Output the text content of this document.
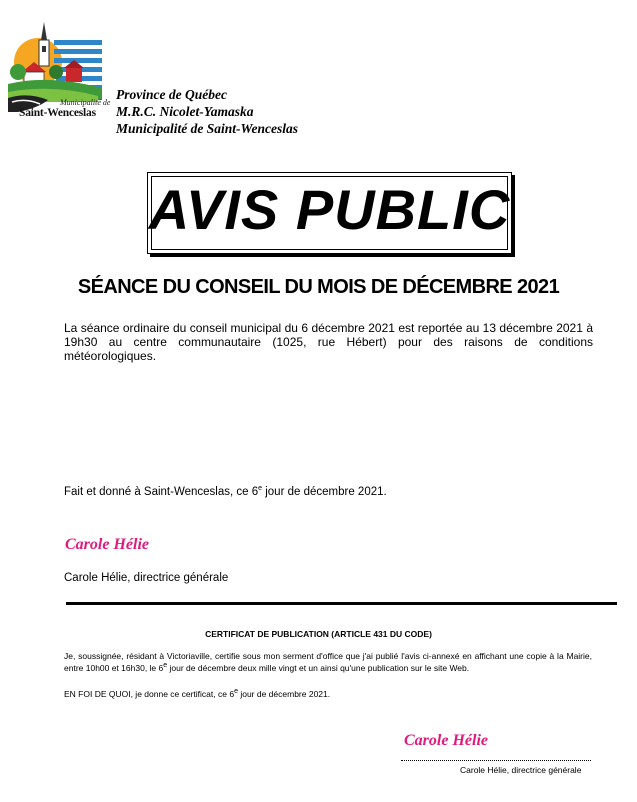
Municipalité de
Saint-Wenceslas
Province de Québec
M.R.C. Nicolet-Yamaska
Municipalité de Saint-Wenceslas
AVIS PUBLIC
SÉANCE DU CONSEIL DU MOIS DE DÉCEMBRE 2021
La séance ordinaire du conseil municipal du 6 décembre 2021 est reportée au 13 décembre 2021 à 19h30 au centre communautaire (1025, rue Hébert) pour des raisons de conditions météorologiques.
Fait et donné à Saint-Wenceslas, ce 6e jour de décembre 2021.
Carole Hélie
Carole Hélie, directrice générale
CERTIFICAT DE PUBLICATION (ARTICLE 431 DU CODE)
Je, soussignée, résidant à Victoriaville, certifie sous mon serment d'office que j'ai publié l'avis ci-annexé en affichant une copie à la Mairie, entre 10h00 et 16h30, le 6e jour de décembre deux mille vingt et un ainsi qu'une publication sur le site Web.
EN FOI DE QUOI, je donne ce certificat, ce 6e jour de décembre 2021.
Carole Hélie
Carole Hélie, directrice générale
